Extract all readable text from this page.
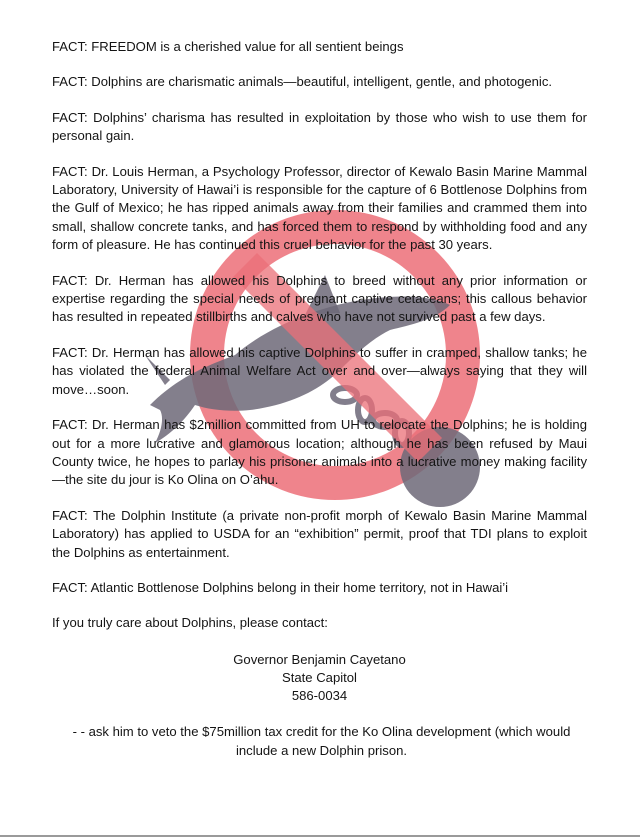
FACT: FREEDOM is a cherished value for all sentient beings

FACT: Dolphins are charismatic animals—beautiful, intelligent, gentle, and photogenic.

FACT: Dolphins’ charisma has resulted in exploitation by those who wish to use them for personal gain.

FACT: Dr. Louis Herman, a Psychology Professor, director of Kewalo Basin Marine Mammal Laboratory, University of Hawai’i is responsible for the capture of 6 Bottlenose Dolphins from the Gulf of Mexico; he has ripped animals away from their families and crammed them into small, shallow concrete tanks, and has forced them to respond by withholding food and any form of pleasure. He has continued this cruel behavior for the past 30 years.

FACT: Dr. Herman has allowed his Dolphins to breed without any prior information or expertise regarding the special needs of pregnant captive cetaceans; this callous behavior has resulted in repeated stillbirths and calves who have not survived past a few days.

FACT: Dr. Herman has allowed his captive Dolphins to suffer in cramped, shallow tanks; he has violated the federal Animal Welfare Act over and over—always saying that they will move…soon.

FACT: Dr. Herman has $2million committed from UH to relocate the Dolphins; he is holding out for a more lucrative and glamorous location; although he has been refused by Maui County twice, he hopes to parlay his prisoner animals into a lucrative money making facility—the site du jour is Ko Olina on O’ahu.

FACT: The Dolphin Institute (a private non-profit morph of Kewalo Basin Marine Mammal Laboratory) has applied to USDA for an “exhibition” permit, proof that TDI plans to exploit the Dolphins as entertainment.

FACT: Atlantic Bottlenose Dolphins belong in their home territory, not in Hawai’i

If you truly care about Dolphins, please contact:

Governor Benjamin Cayetano
State Capitol
586-0034
- - ask him to veto the $75million tax credit for the Ko Olina development (which would
include a new Dolphin prison.
